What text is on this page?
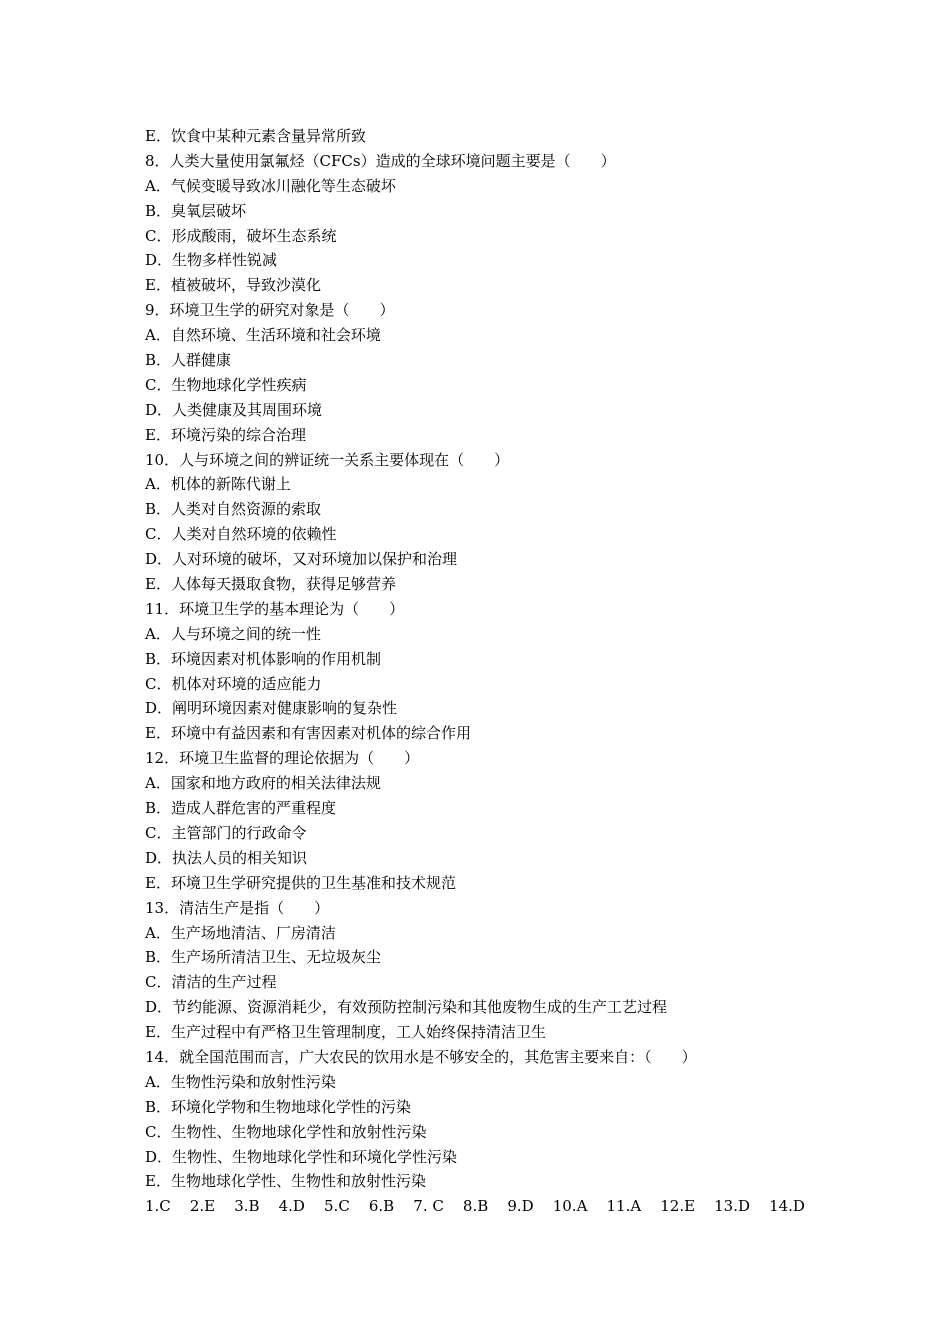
E．饮食中某种元素含量异常所致
8．人类大量使用氯氟烃（CFCs）造成的全球环境问题主要是（　　）
A．气候变暖导致冰川融化等生态破坏
B．臭氧层破坏
C．形成酸雨，破坏生态系统
D．生物多样性锐减
E．植被破坏，导致沙漠化
9．环境卫生学的研究对象是（　　）
A．自然环境、生活环境和社会环境
B．人群健康
C．生物地球化学性疾病
D．人类健康及其周围环境
E．环境污染的综合治理
10．人与环境之间的辨证统一关系主要体现在（　　）
A．机体的新陈代谢上
B．人类对自然资源的索取
C．人类对自然环境的依赖性
D．人对环境的破坏，又对环境加以保护和治理
E．人体每天摄取食物，获得足够营养
11．环境卫生学的基本理论为（　　）
A．人与环境之间的统一性
B．环境因素对机体影响的作用机制
C．机体对环境的适应能力
D．阐明环境因素对健康影响的复杂性
E．环境中有益因素和有害因素对机体的综合作用
12．环境卫生监督的理论依据为（　　）
A．国家和地方政府的相关法律法规
B．造成人群危害的严重程度
C．主管部门的行政命令
D．执法人员的相关知识
E．环境卫生学研究提供的卫生基准和技术规范
13．清洁生产是指（　　）
A．生产场地清洁、厂房清洁
B．生产场所清洁卫生、无垃圾灰尘
C．清洁的生产过程
D．节约能源、资源消耗少，有效预防控制污染和其他废物生成的生产工艺过程
E．生产过程中有严格卫生管理制度，工人始终保持清洁卫生
14．就全国范围而言，广大农民的饮用水是不够安全的，其危害主要来自：（　　）
A．生物性污染和放射性污染
B．环境化学物和生物地球化学性的污染
C．生物性、生物地球化学性和放射性污染
D．生物性、生物地球化学性和环境化学性污染
E．生物地球化学性、生物性和放射性污染
1.C    2.E    3.B    4.D    5.C    6.B    7. C    8.B    9.D    10.A    11.A    12.E    13.D    14.D
